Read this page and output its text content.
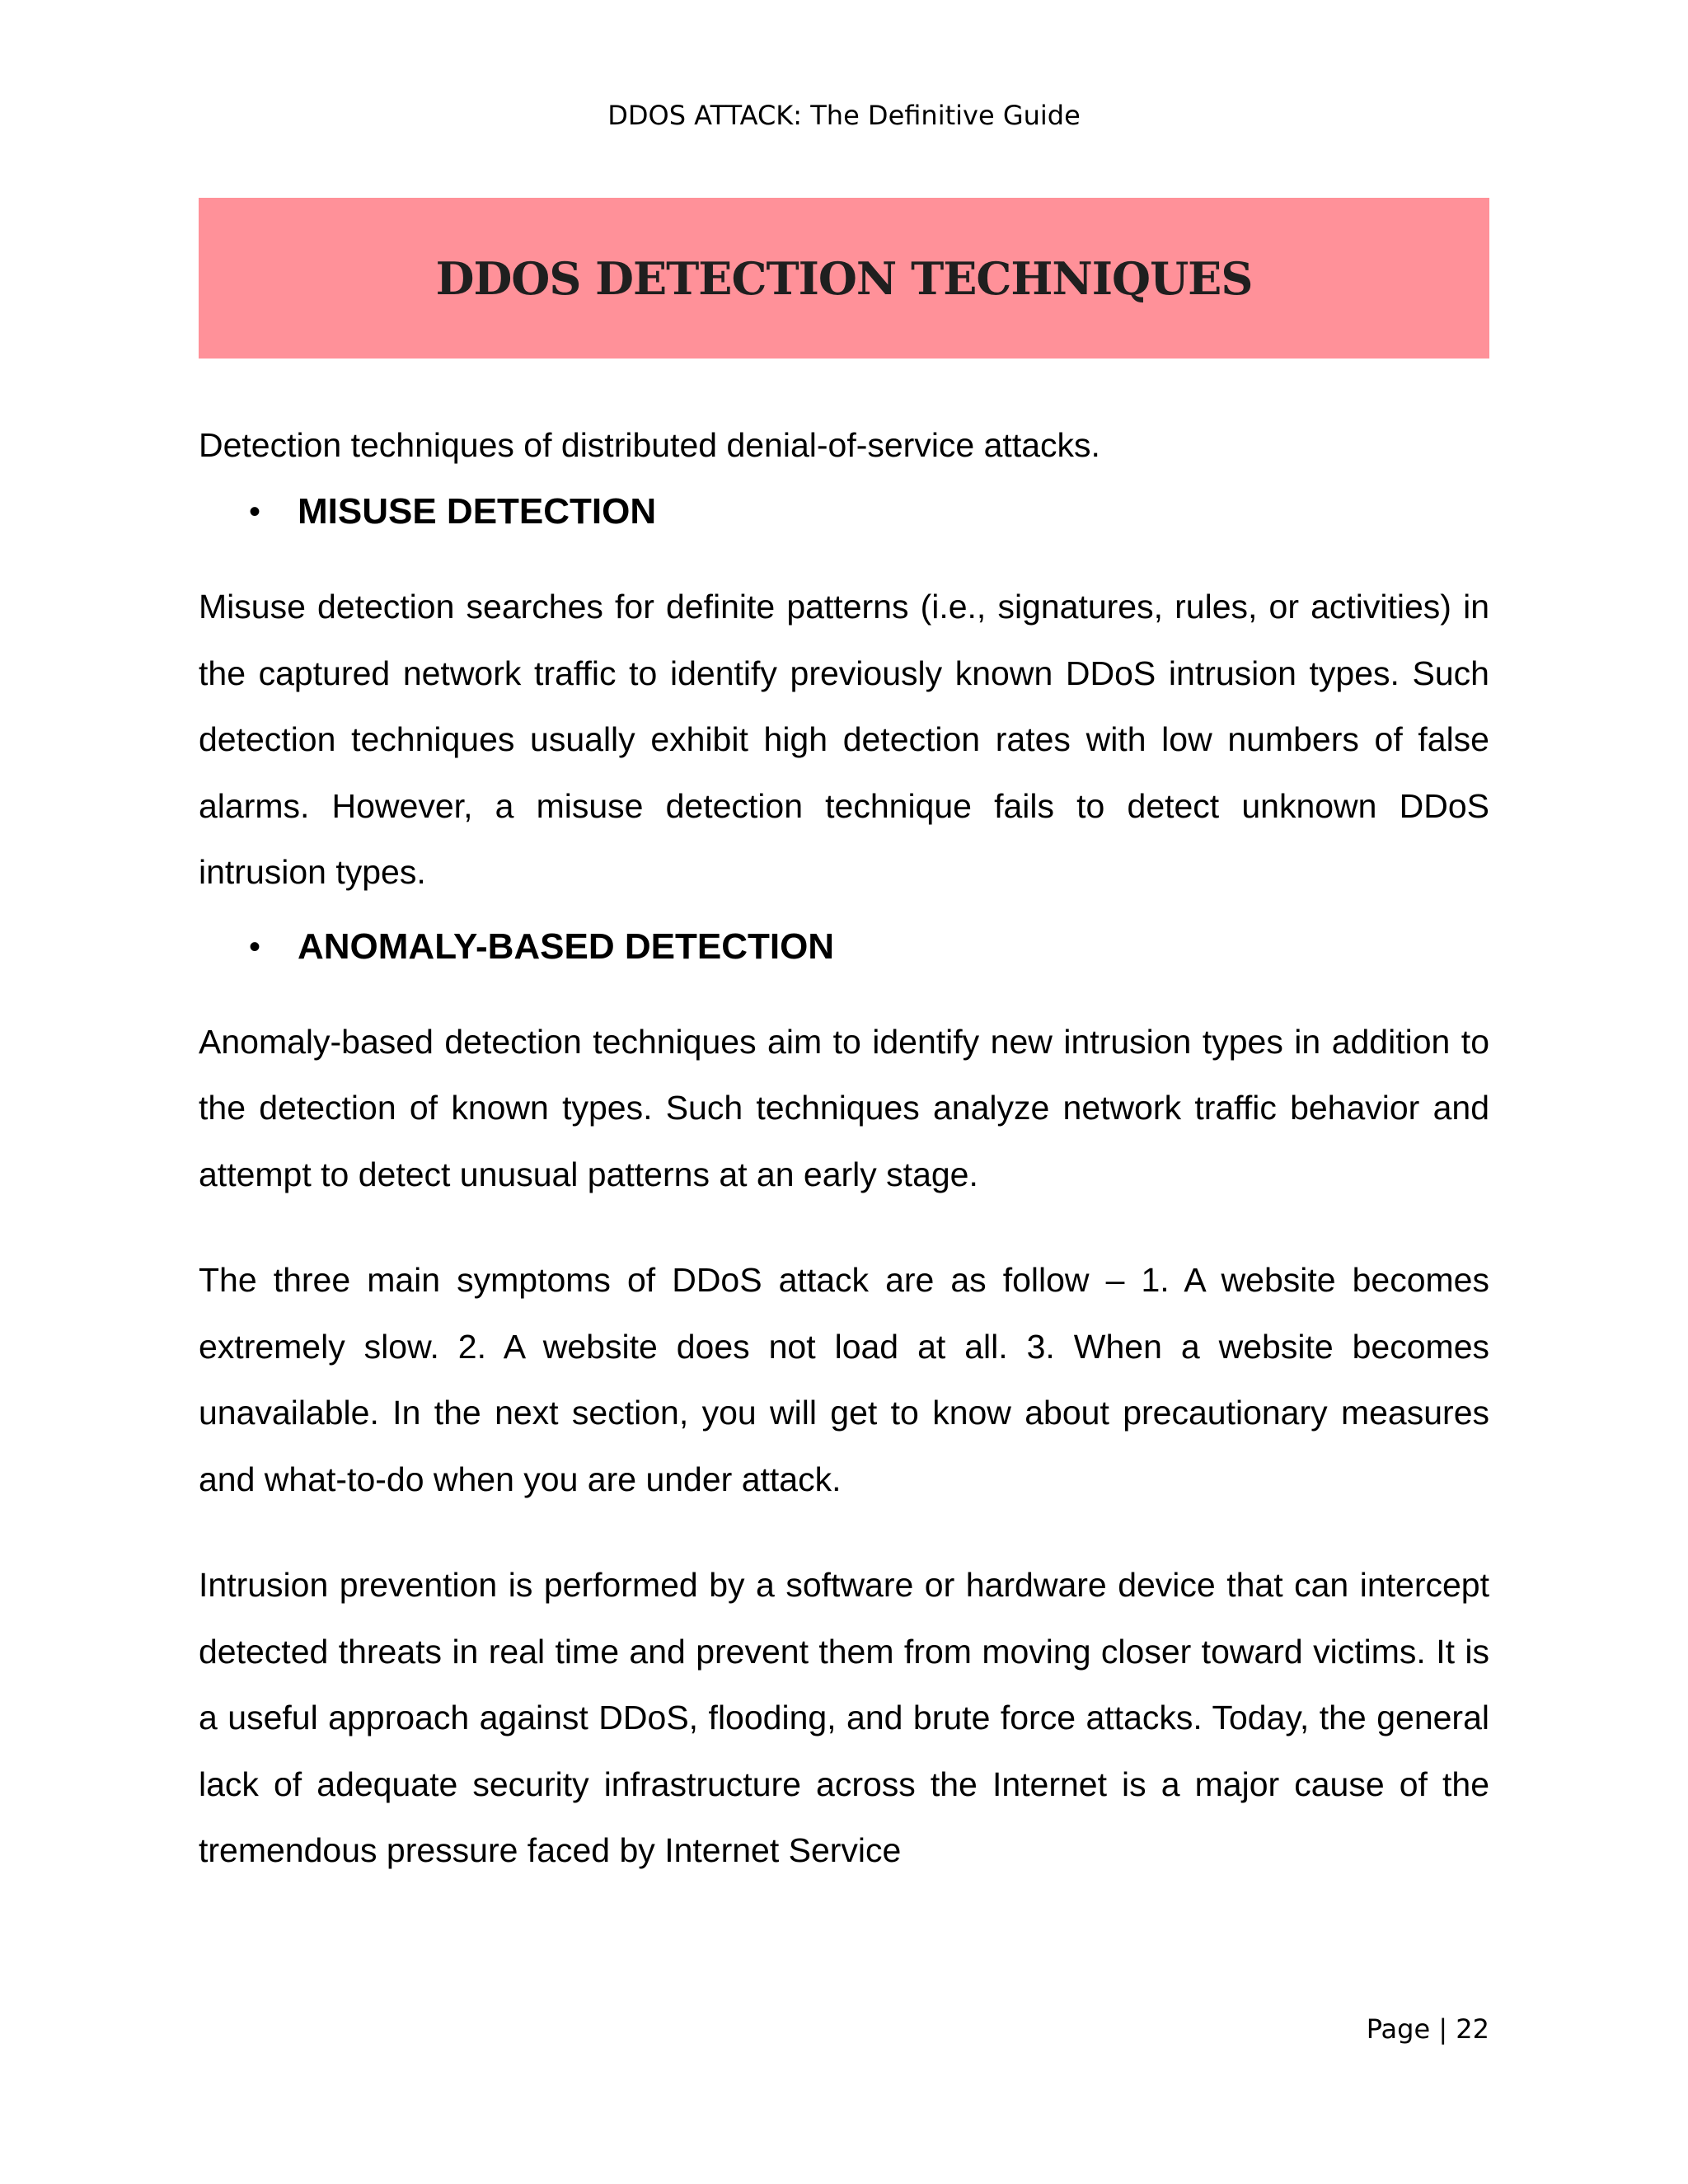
DDOS ATTACK: The Definitive Guide
DDOS DETECTION TECHNIQUES

Detection techniques of distributed denial-of-service attacks.

•	MISUSE DETECTION

Misuse detection searches for definite patterns (i.e., signatures, rules, or activities) in the captured network traffic to identify previously known DDoS intrusion types. Such detection techniques usually exhibit high detection rates with low numbers of false alarms. However, a misuse detection technique fails to detect unknown DDoS intrusion types.

•	ANOMALY-BASED DETECTION

Anomaly-based detection techniques aim to identify new intrusion types in addition to the detection of known types. Such techniques analyze network traffic behavior and attempt to detect unusual patterns at an early stage.

The three main symptoms of DDoS attack are as follow – 1. A website becomes extremely slow. 2. A website does not load at all. 3. When a website becomes unavailable. In the next section, you will get to know about precautionary measures and what-to-do when you are under attack.

Intrusion prevention is performed by a software or hardware device that can intercept detected threats in real time and prevent them from moving closer toward victims. It is a useful approach against DDoS, flooding, and brute force attacks. Today, the general lack of adequate security infrastructure across the Internet is a major cause of the tremendous pressure faced by Internet Service

Page | 22
